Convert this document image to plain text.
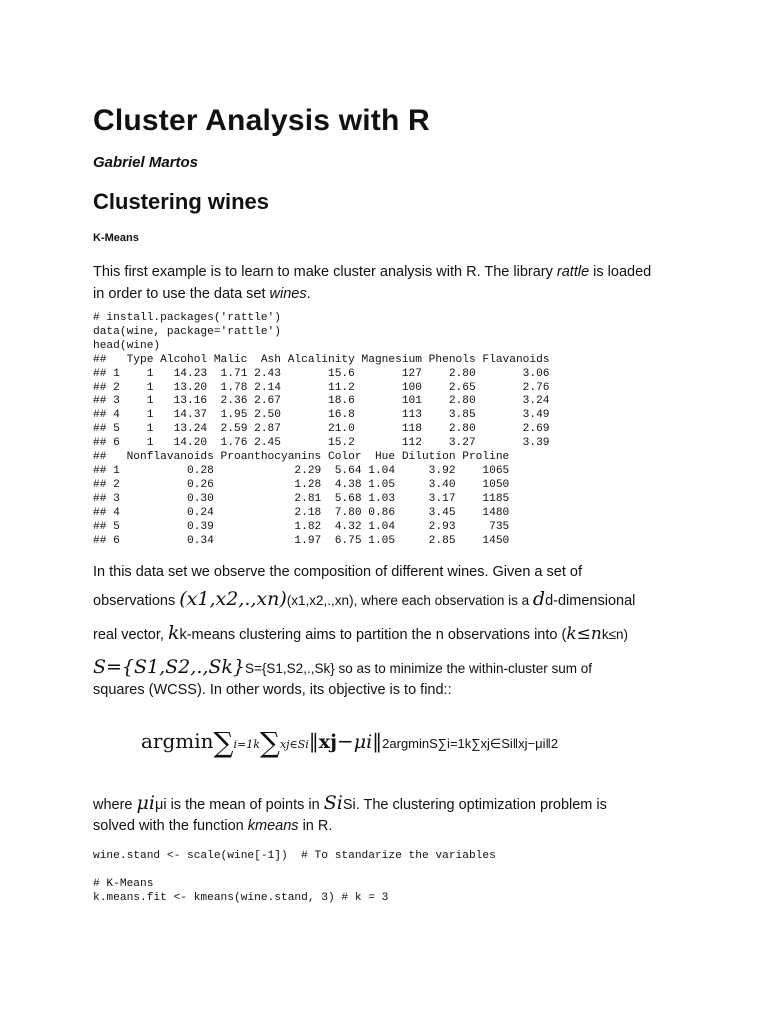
Cluster Analysis with R

Gabriel Martos

Clustering wines
K-Means

This first example is to learn to make cluster analysis with R. The library rattle is loaded in order to use the data set wines.

# install.packages('rattle')
data(wine, package='rattle')
head(wine)
##   Type Alcohol Malic  Ash Alcalinity Magnesium Phenols Flavanoids
## 1    1   14.23  1.71 2.43       15.6       127    2.80       3.06
## 2    1   13.20  1.78 2.14       11.2       100    2.65       2.76
## 3    1   13.16  2.36 2.67       18.6       101    2.80       3.24
## 4    1   14.37  1.95 2.50       16.8       113    3.85       3.49
## 5    1   13.24  2.59 2.87       21.0       118    2.80       2.69
## 6    1   14.20  1.76 2.45       15.2       112    3.27       3.39
##   Nonflavanoids Proanthocyanins Color  Hue Dilution Proline
## 1          0.28            2.29  5.64 1.04     3.92    1065
## 2          0.26            1.28  4.38 1.05     3.40    1050
## 3          0.30            2.81  5.68 1.03     3.17    1185
## 4          0.24            2.18  7.80 0.86     3.45    1480
## 5          0.39            1.82  4.32 1.04     2.93     735
## 6          0.34            1.97  6.75 1.05     2.85    1450

In this data set we observe the composition of different wines. Given a set of

observations (x1,x2,.,xn)(x1,x2,.,xn), where each observation is a dd-dimensional

real vector, kk-means clustering aims to partition the n observations into (k≤nk≤n)

S={S1,S2,.,Sk}S={S1,S2,.,Sk} so as to minimize the within-cluster sum of

squares (WCSS). In other words, its objective is to find::

argmin∑i=1k∑xj∈Si‖xj−μi‖2argminS∑i=1k∑xj∈Si‖xj−μi‖2

where μiμi is the mean of points in SiSi. The clustering optimization problem is

solved with the function kmeans in R.

wine.stand <- scale(wine[-1])  # To standarize the variables

# K-Means
k.means.fit <- kmeans(wine.stand, 3) # k = 3
